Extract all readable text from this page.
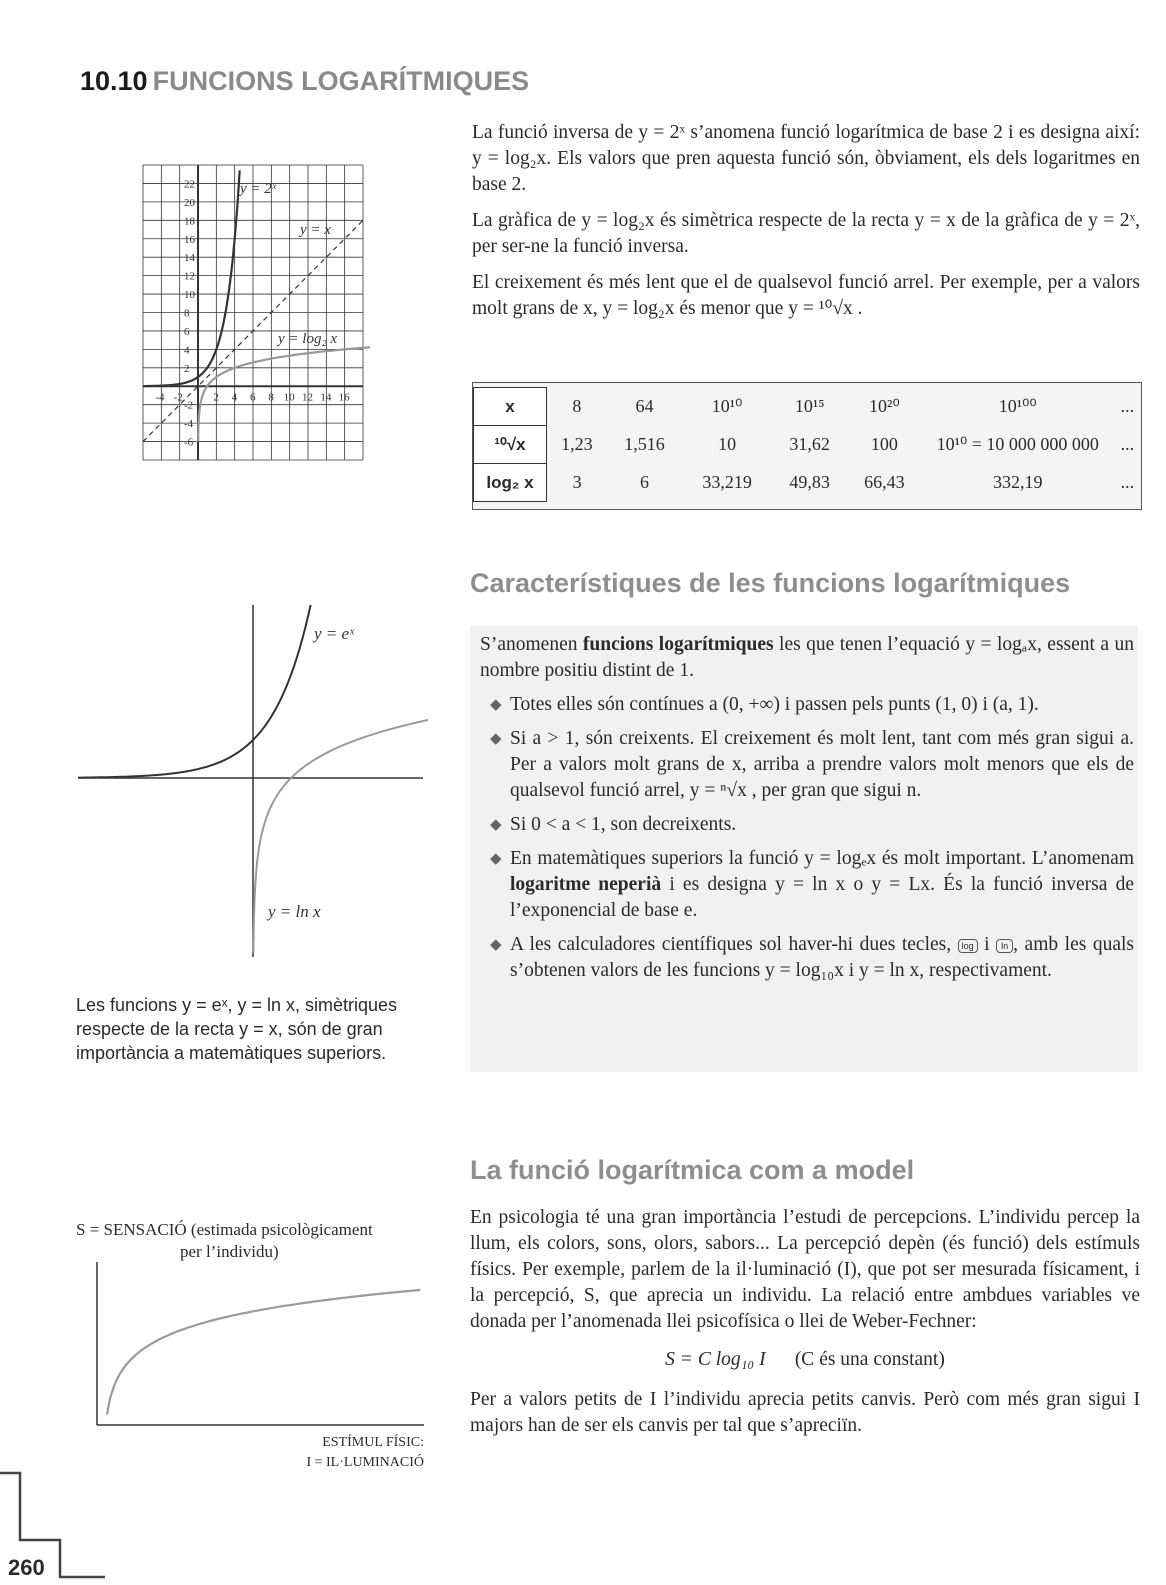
10.10 FUNCIONS LOGARÍTMIQUES
22
20
18
16
14
12
10
8
6
4
2
-2
-4
-6
-4 -2	2 4 6 8 10 12 14 16
y = 2ˣ
y = x
y = log₂ x

La funció inversa de y = 2ˣ s’anomena funció logarítmica de base 2 i es designa així: y = log₂x. Els valors que pren aquesta funció són, òbviament, els dels logaritmes en base 2.

La gràfica de y = log₂x és simètrica respecte de la recta y = x de la gràfica de y = 2ˣ, per ser-ne la funció inversa.

El creixement és més lent que el de qualsevol funció arrel. Per exemple, per a valors molt grans de x, y = log₂x és menor que y = ¹⁰√x .

x	8	64	10¹⁰	10¹⁵	10²⁰	10¹⁰⁰	...
¹⁰√x	1,23	1,516	10	31,62	100	10¹⁰ = 10 000 000 000	...
log₂ x	3	6	33,219	49,83	66,43	332,19	...
Característiques de les funcions logarítmiques

S’anomenen funcions logarítmiques les que tenen l’equació y = logₐx, essent a un nombre positiu distint de 1.

◆ Totes elles són contínues a (0, +∞) i passen pels punts (1, 0) i (a, 1).
◆ Si a > 1, són creixents. El creixement és molt lent, tant com més gran sigui a. Per a valors molt grans de x, arriba a prendre valors molt menors que els de qualsevol funció arrel, y = ⁿ√x , per gran que sigui n.
◆ Si 0 < a < 1, son decreixents.
◆ En matemàtiques superiors la funció y = logₑx és molt important. L’anomenam logaritme neperià i es designa y = ln x o y = Lx. És la funció inversa de l’exponencial de base e.
◆ A les calculadores científiques sol haver-hi dues tecles, log i ln , amb les quals s’obtenen valors de les funcions y = log₁₀x i y = ln x, respectivament.
y = eˣ
y = ln x
Les funcions y = eˣ, y = ln x, simètriques respecte de la recta y = x, són de gran importància a matemàtiques superiors.
La funció logarítmica com a model

En psicologia té una gran importància l’estudi de percepcions. L’individu percep la llum, els colors, sons, olors, sabors... La percepció depèn (és funció) dels estímuls físics. Per exemple, parlem de la il·luminació (I), que pot ser mesurada físicament, i la percepció, S, que aprecia un individu. La relació entre ambdues variables ve donada per l’anomenada llei psicofísica o llei de Weber-Fechner:

S = C log₁₀ I (C és una constant)

Per a valors petits de I l’individu aprecia petits canvis. Però com més gran sigui I majors han de ser els canvis per tal que s’apreciïn.

S = SENSACIÓ (estimada psicològicament
per l’individu)
ESTÍMUL FÍSIC:
I = IL·LUMINACIÓ
260
